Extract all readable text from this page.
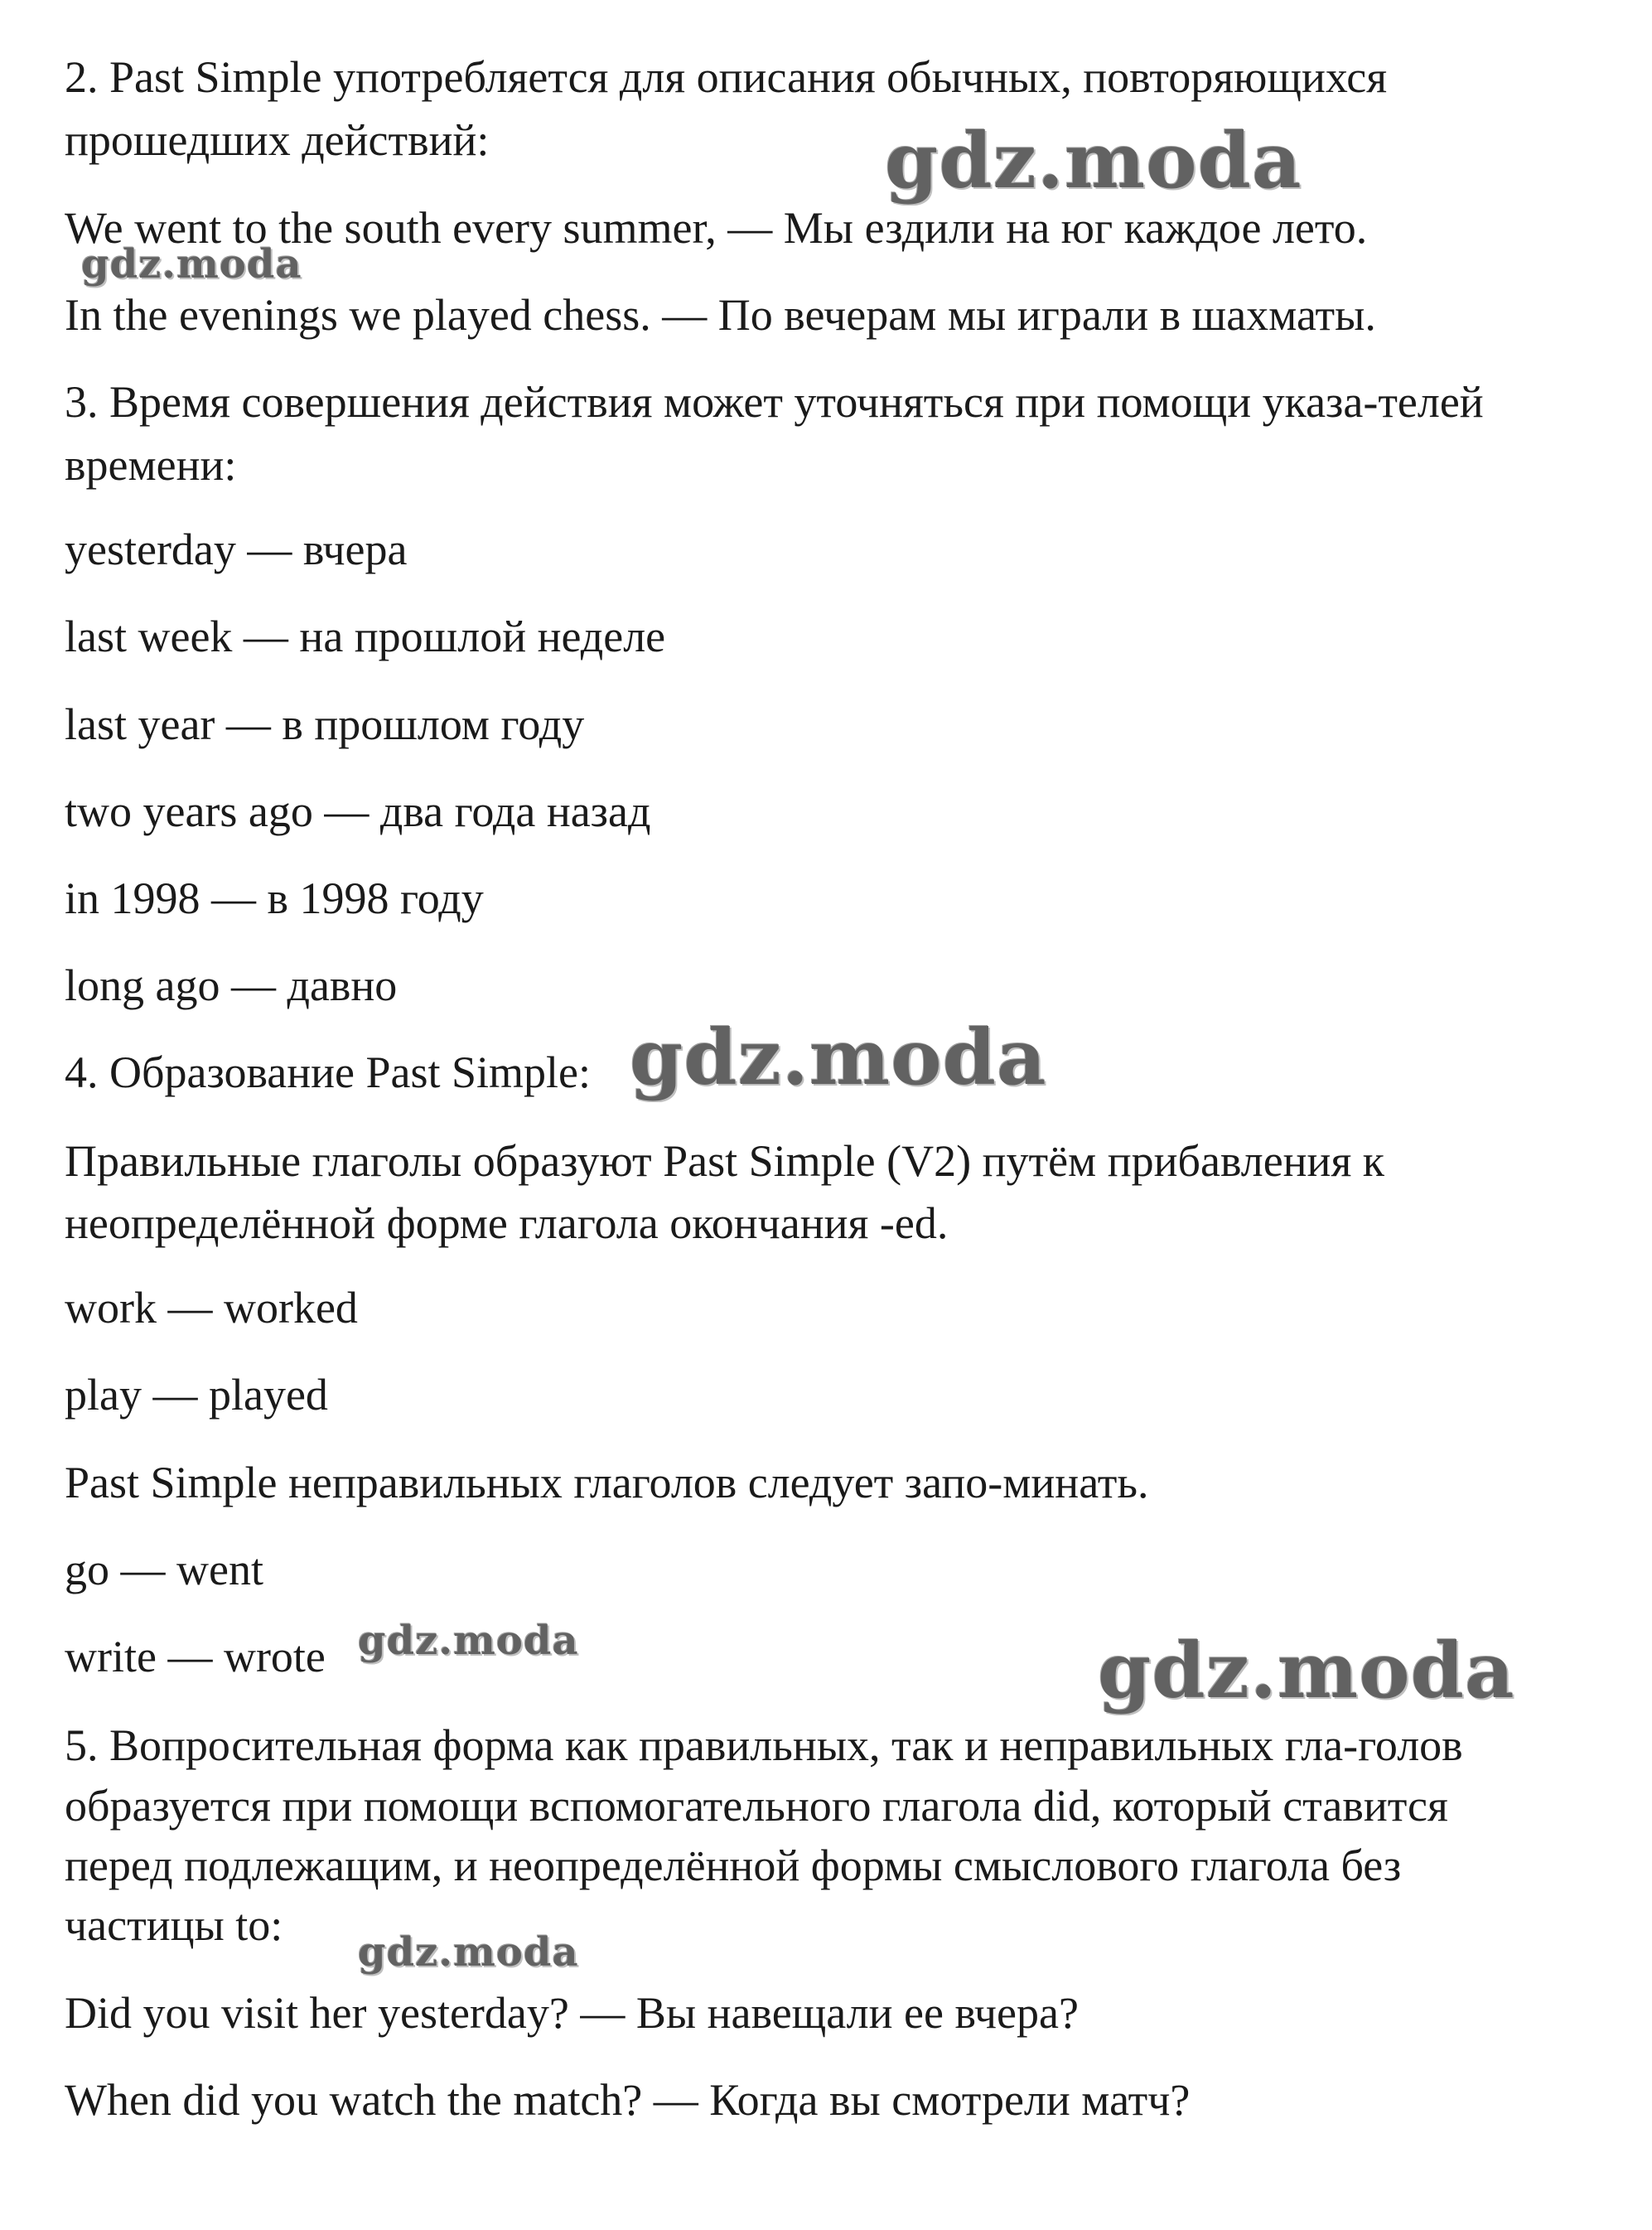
2. Past Simple употребляется для описания обычных, повторяющихся

прошедших действий:

We went to the south every summer, — Мы ездили на юг каждое лето.

In the evenings we played chess. — По вечерам мы играли в шахматы.

3. Время совершения действия может уточняться при помощи указа-телей

времени:

yesterday — вчера

last week — на прошлой неделе

last year — в прошлом году

two years ago — два года назад

in 1998 — в 1998 году

long ago — давно

4. Образование Past Simple:

Правильные глаголы образуют Past Simple (V2) путём прибавления к

неопределённой форме глагола окончания -ed.

work — worked

play — played

Past Simple неправильных глаголов следует запо-минать.

go — went

write — wrote

5. Вопросительная форма как правильных, так и неправильных гла-голов

образуется при помощи вспомогательного глагола did, который ставится

перед подлежащим, и неопределённой формы смыслового глагола без

частицы to:

Did you visit her yesterday? — Вы навещали ее вчера?

When did you watch the match? — Когда вы смотрели матч?

gdz.moda
gdz.moda
gdz.moda
gdz.moda	gdz.moda
gdz.moda
